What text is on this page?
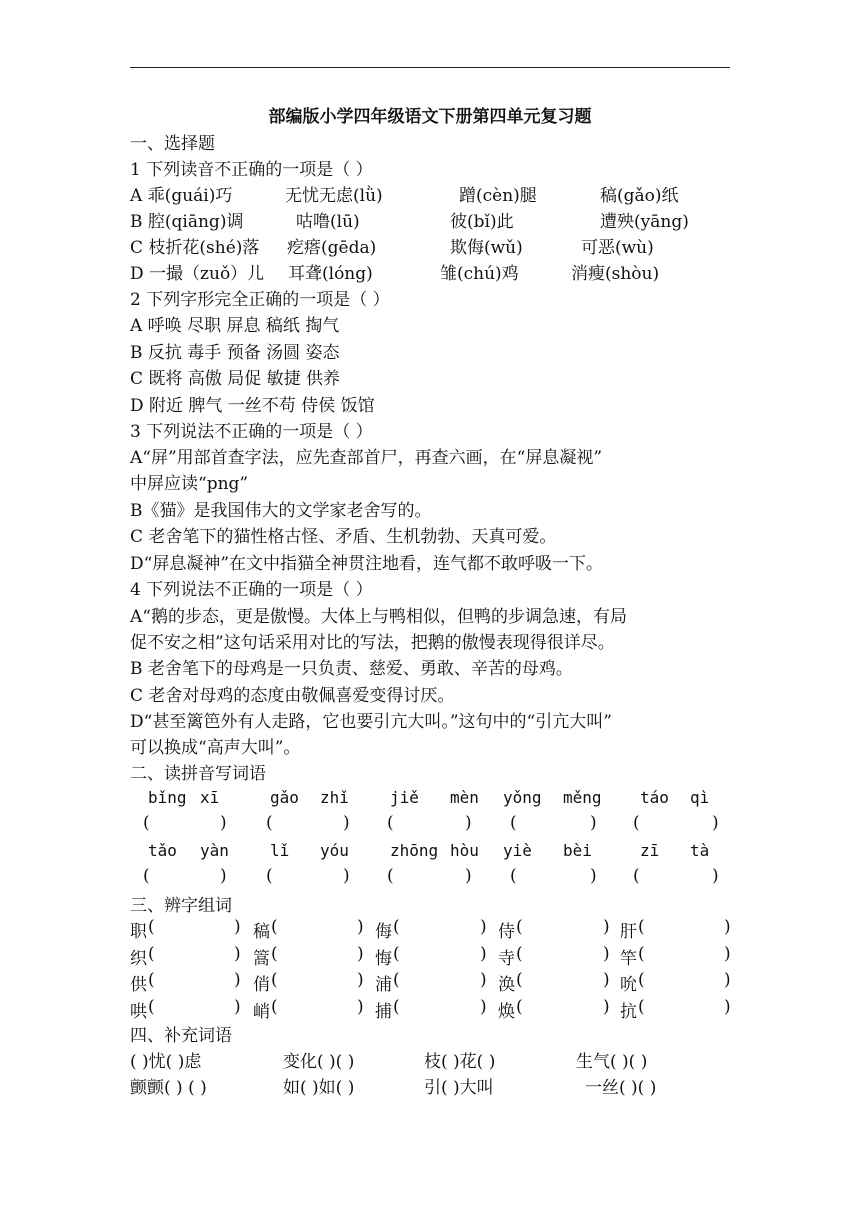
部编版小学四年级语文下册第四单元复习题
一、选择题
1 下列读音不正确的一项是（ ）
A 乖(guái)巧	无忧无虑(lǜ)	蹭(cèn)腿	稿(gǎo)纸
B 腔(qiāng)调	咕噜(lū)	彼(bǐ)此	遭殃(yāng)
C 枝折花(shé)落 疙瘩(gēda)	欺侮(wǔ)	可恶(wù)
D 一撮（zuǒ）儿 耳聋(lóng)	雏(chú)鸡	消瘦(shòu)
2 下列字形完全正确的一项是（ ）
A 呼唤 尽职 屏息 稿纸 掏气
B 反抗 毒手 预备 汤圆 姿态
C 既将 高傲 局促 敏捷 供养
D 附近 脾气 一丝不苟 侍侯 饭馆
3 下列说法不正确的一项是（ ）
A“屏”用部首查字法，应先查部首尸，再查六画，在“屏息凝视”
中屏应读“png”
B《猫》是我国伟大的文学家老舍写的。
C 老舍笔下的猫性格古怪、矛盾、生机勃勃、天真可爱。
D“屏息凝神”在文中指猫全神贯注地看，连气都不敢呼吸一下。
4 下列说法不正确的一项是（ ）
A“鹅的步态，更是傲慢。大体上与鸭相似，但鸭的步调急速，有局
促不安之相”这句话采用对比的写法，把鹅的傲慢表现得很详尽。
B 老舍笔下的母鸡是一只负责、慈爱、勇敢、辛苦的母鸡。
C 老舍对母鸡的态度由敬佩喜爱变得讨厌。
D“甚至篱笆外有人走路，它也要引亢大叫。”这句中的“引亢大叫”
可以换成“高声大叫”。
二、读拼音写词语
bǐng xī
(	)
gǎo zhǐ
(	)
jiě mèn
(	)
yǒng měng
(	)
táo qì
(	)
tǎo yàn
(	)
lǐ yóu
(	)
zhōng hòu
(	)
yiè bèi
(	)
zī tà
(	)
三、辨字组词
职 (	) 稿 (	) 侮 (	) 侍 (	) 肝 (	)
织 (	) 篙 (	) 悔 (	) 寺 (	) 竿 (	)
供 (	) 俏 (	) 浦 (	) 涣 (	) 吮 (	)
哄 (	) 峭 (	) 捕 (	) 焕 (	) 抗 (	)
四、补充词语
( )忧( )虑	变化( )( )	枝( )花( )	生气( )( )
颤颤( ) ( )	如( )如( )	引( )大叫	一丝( )( )
